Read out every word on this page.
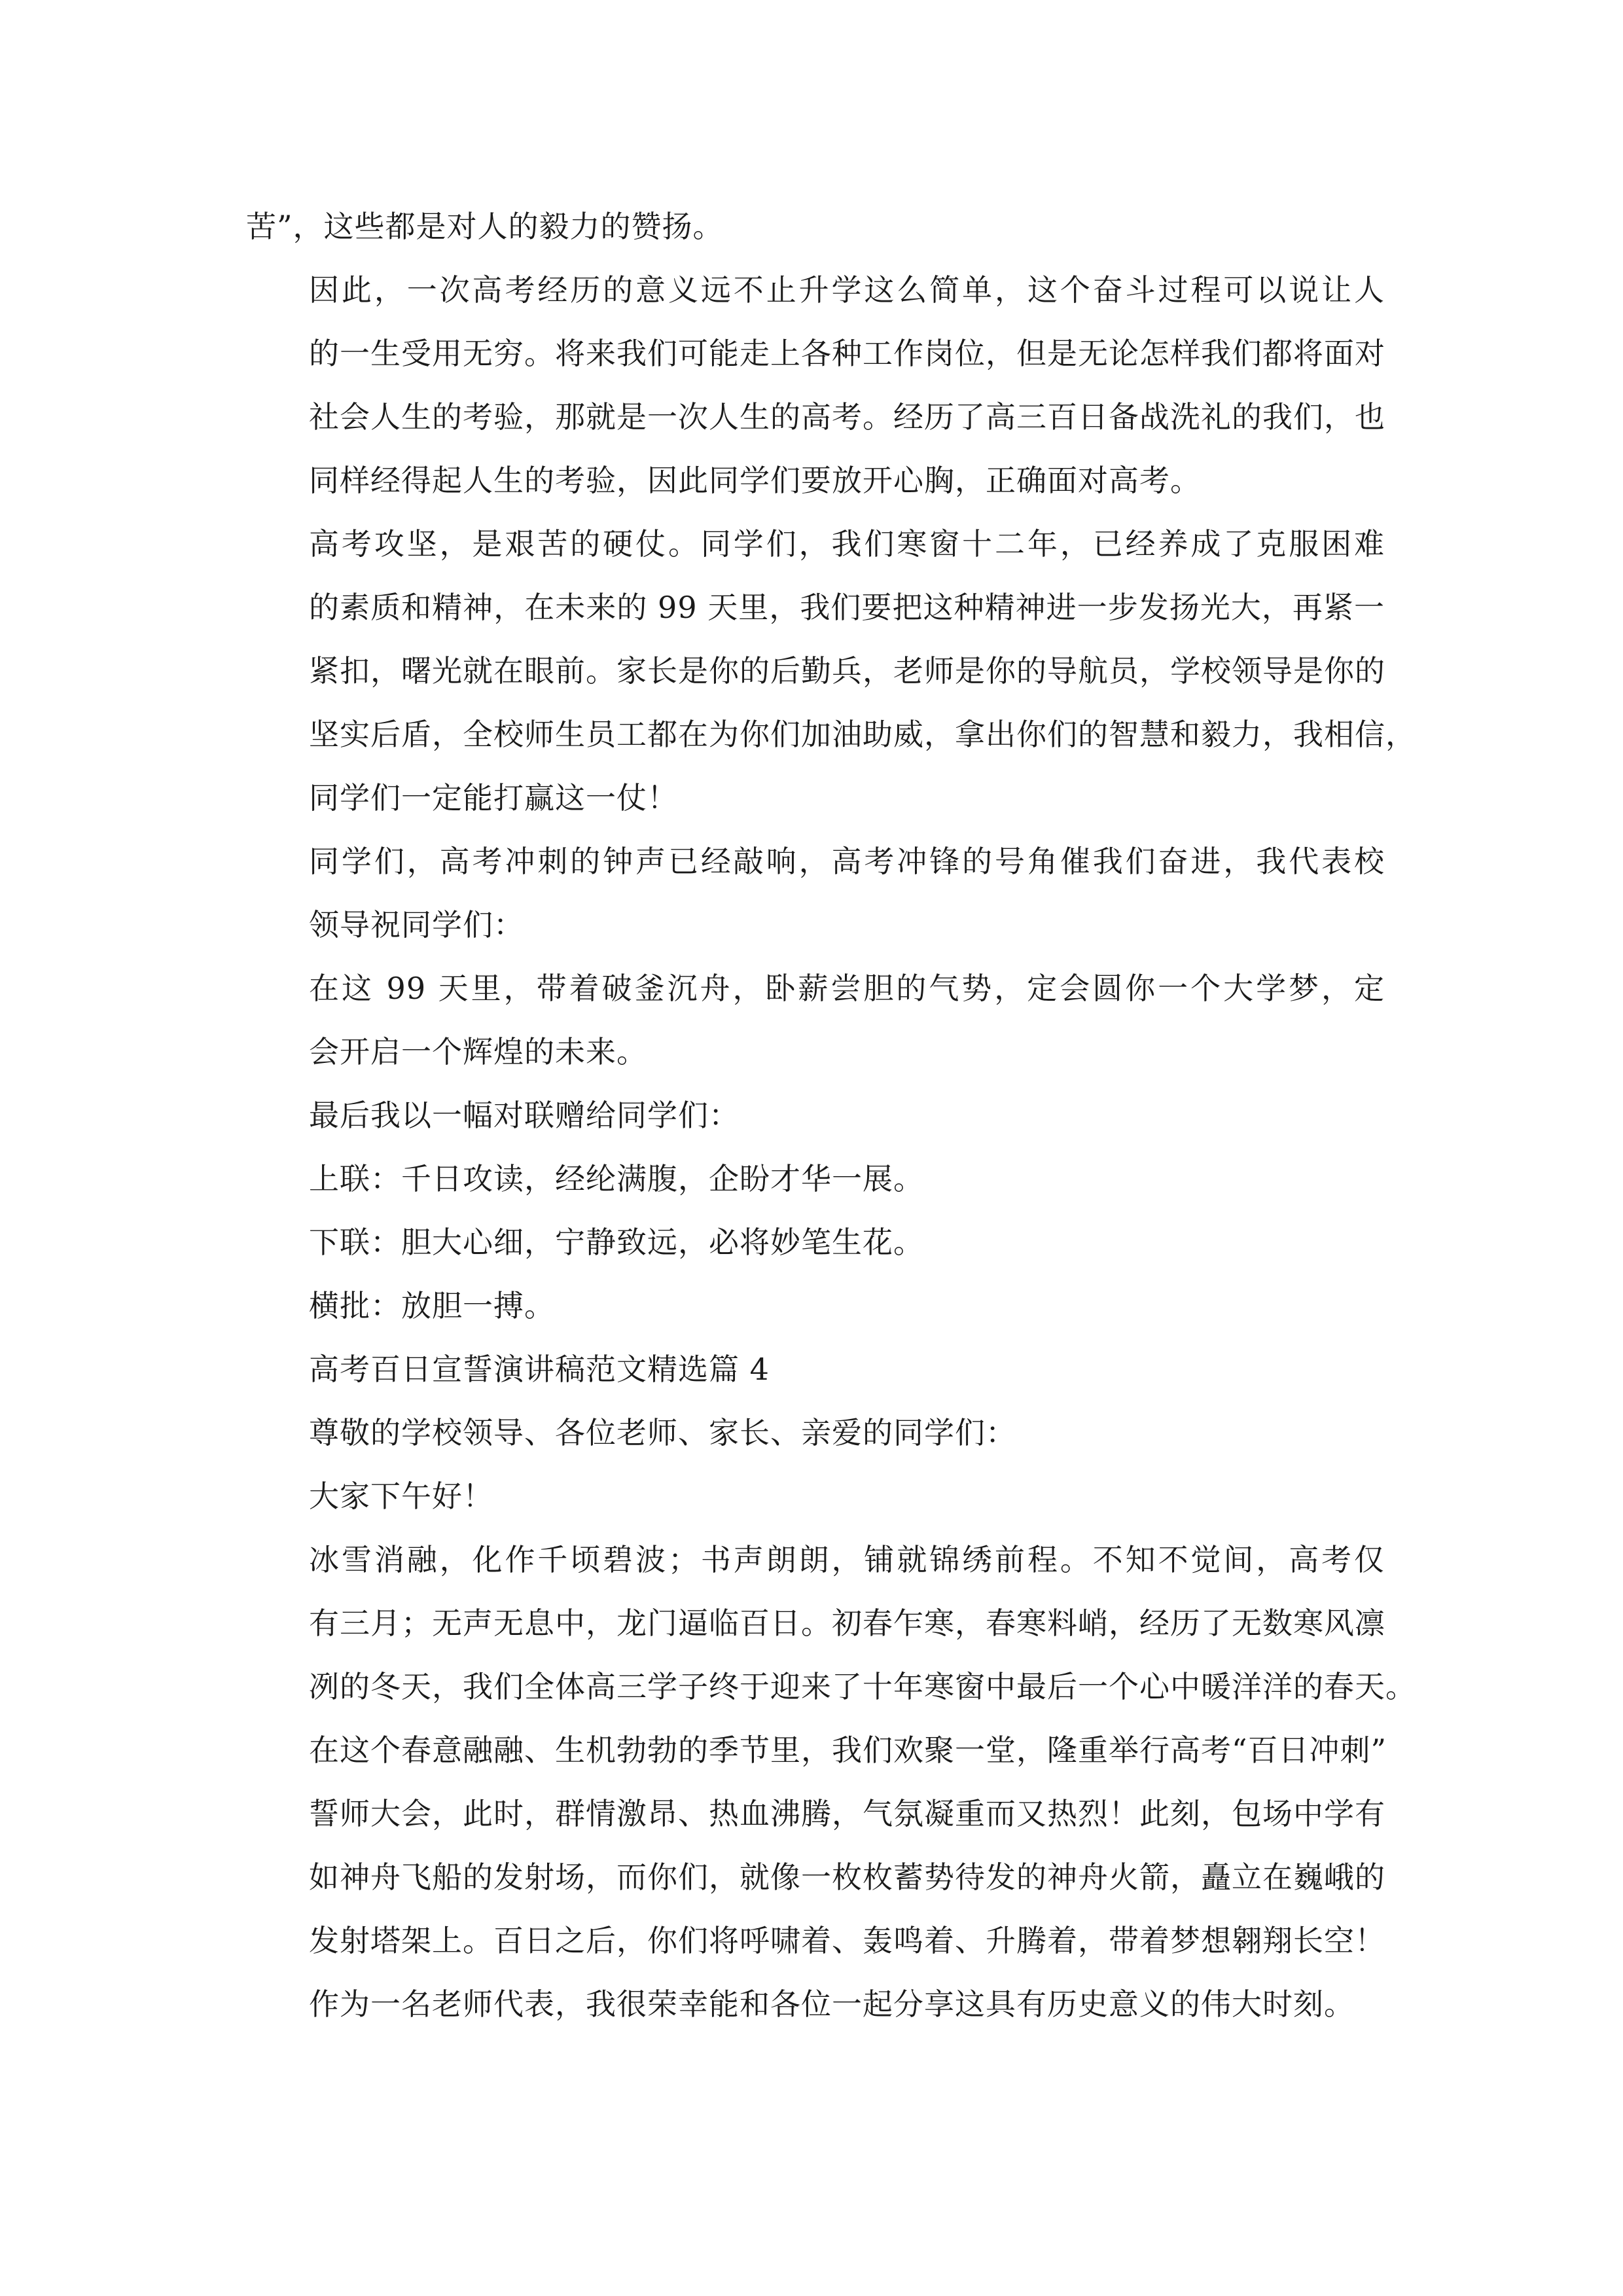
苦”，这些都是对人的毅力的赞扬。

因此，一次高考经历的意义远不止升学这么简单，这个奋斗过程可以说让人
的一生受用无穷。将来我们可能走上各种工作岗位，但是无论怎样我们都将面对
社会人生的考验，那就是一次人生的高考。经历了高三百日备战洗礼的我们，也
同样经得起人生的考验，因此同学们要放开心胸，正确面对高考。

高考攻坚，是艰苦的硬仗。同学们，我们寒窗十二年，已经养成了克服困难
的素质和精神，在未来的 99 天里，我们要把这种精神进一步发扬光大，再紧一
紧扣，曙光就在眼前。家长是你的后勤兵，老师是你的导航员，学校领导是你的
坚实后盾，全校师生员工都在为你们加油助威，拿出你们的智慧和毅力，我相信，
同学们一定能打赢这一仗！

同学们，高考冲刺的钟声已经敲响，高考冲锋的号角催我们奋进，我代表校
领导祝同学们：

在这 99 天里，带着破釜沉舟，卧薪尝胆的气势，定会圆你一个大学梦，定
会开启一个辉煌的未来。

最后我以一幅对联赠给同学们：

上联：千日攻读，经纶满腹，企盼才华一展。

下联：胆大心细，宁静致远，必将妙笔生花。

横批：放胆一搏。

高考百日宣誓演讲稿范文精选篇 4

尊敬的学校领导、各位老师、家长、亲爱的同学们：

大家下午好！

冰雪消融，化作千顷碧波；书声朗朗，铺就锦绣前程。不知不觉间，高考仅
有三月；无声无息中，龙门逼临百日。初春乍寒，春寒料峭，经历了无数寒风凛
冽的冬天，我们全体高三学子终于迎来了十年寒窗中最后一个心中暖洋洋的春天。
在这个春意融融、生机勃勃的季节里，我们欢聚一堂，隆重举行高考“百日冲刺”
誓师大会，此时，群情激昂、热血沸腾，气氛凝重而又热烈！此刻，包场中学有
如神舟飞船的发射场，而你们，就像一枚枚蓄势待发的神舟火箭，矗立在巍峨的
发射塔架上。百日之后，你们将呼啸着、轰鸣着、升腾着，带着梦想翱翔长空！

作为一名老师代表，我很荣幸能和各位一起分享这具有历史意义的伟大时刻。
